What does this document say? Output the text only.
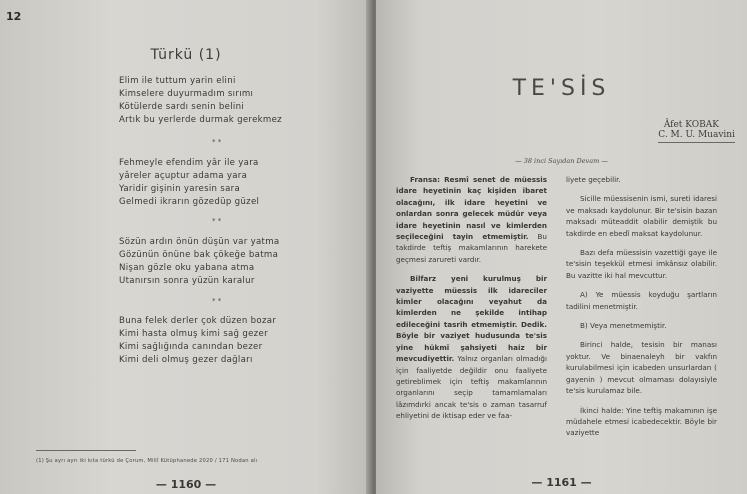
12
Türkü (1)
Elim ile tuttum yarin elini
Kimselere duyurmadım sırımı
Kötülerde sardı senin belini
Artık bu yerlerde durmak gerekmez
* *
Fehmeyle efendim yâr ile yara
yâreler açuptur adama yara
Yaridir gişinin yaresin sara
Gelmedi ikrarın gözedüp güzel
* *
Sözün ardın önün düşün var yatma
Gözünün önüne bak çökeğe batma
Nişan gözle oku yabana atma
Utanırsın sonra yüzün karalur
* *
Buna felek derler çok düzen bozar
Kimi hasta olmuş kimi sağ gezer
Kimi sağlığında canından bezer
Kimi deli olmuş gezer dağları
(1) Şu ayrı ayrı iki kıta türkü de Çorum, Millî Kütüphanede 2020 / 171 Nodan alı
— 1160 —
TE'SİS
Âfet KOBAK
C. M. U. Muavini
— 38 inci Sayıdan Devam —

Fransa: Resmî senet de müessis idare heyetinin kaç kişiden ibaret olacağını, ilk idare heyetini ve onlardan sonra gelecek müdür veya idare heyetinin nasıl ve kimlerden seçileceğini tayin etmemiştir. Bu takdirde teftiş makamlarının harekete geçmesi zarureti vardır.

Bilfarz yeni kurulmuş bir vaziyette müessis ilk idareciler kimler olacağını veyahut da kimlerden ne şekilde intihap edileceğini tasrih etmemiştir. Dedik. Böyle bir vaziyet hudusunda te'sis yine hükmî şahsiyeti haiz bir mevcudiyettir. Yalnız organları olmadığı için faaliyetde değildir onu faaliyete getireblimek için teftiş makamlarının organlarını seçip tamamlamaları lâzımdırki ancak te'sis o zaman tasarruf ehliyetini de iktisap eder ve faa-

liyete geçebilir.

Sicille müessisenin ismi, sureti idaresi ve maksadı kaydolunur. Bir te'sisin bazan maksadı müteaddit olabilir demiştik bu takdirde en ebedî maksat kaydolunur.

Bazı defa müessisin vazettiği gaye ile te'sisin teşekkül etmesi imkânsız olabilir. Bu vazitte iki hal mevcuttur.

A) Ye müessis koyduğu şartların tadilini menetmiştir.

B) Veya menetmemiştir.

Birinci halde, tesisin bir manası yoktur. Ve binaenaleyh bir vakfın kurulabilmesi için icabeden unsurlardan ( gayenin ) mevcut olmaması dolayısiyle te'sis kurulamaz bile.

İkinci halde: Yine teftiş makamının işe müdahele etmesi icabedecektir. Böyle bir vaziyette

— 1161 —
